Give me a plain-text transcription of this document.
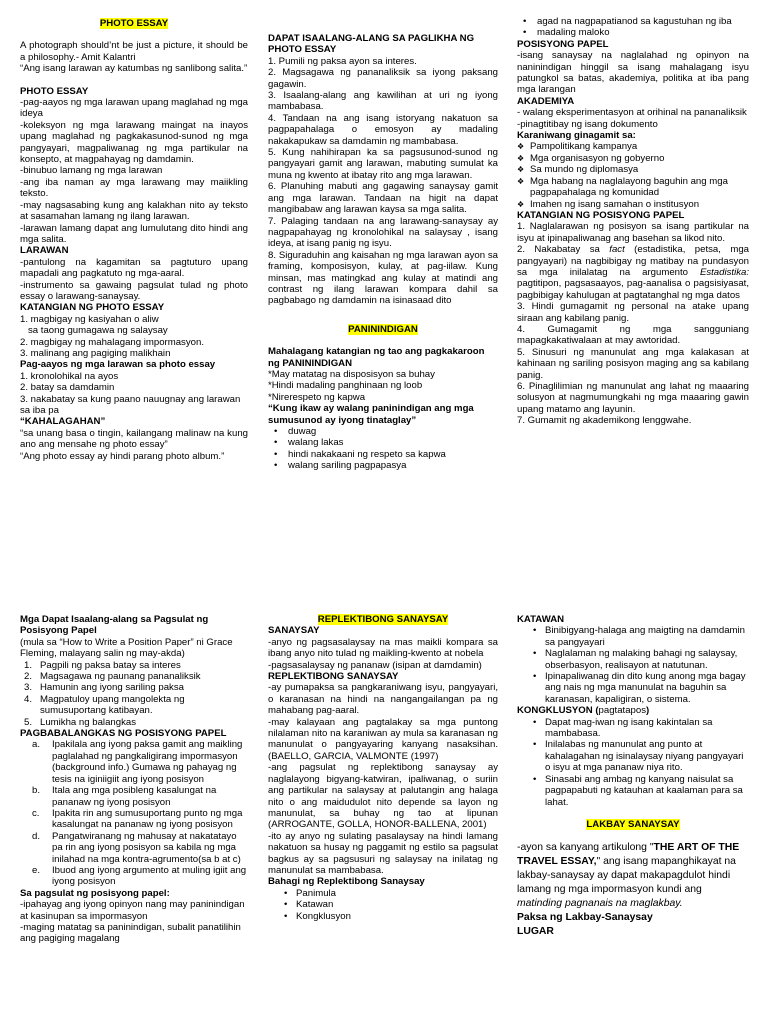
PHOTO ESSAY

A photograph should’nt be just a picture, it should be a philosophy.- Amit Kalantri

“Ang isang larawan ay katumbas ng sanlibong salita.”

PHOTO ESSAY

-pag-aayos ng mga larawan upang maglahad ng mga ideya

-koleksyon ng mga larawang maingat na inayos upang maglahad ng pagkakasunod-sunod ng mga pangyayari, magpaliwanag ng mga partikular na konsepto, at magpahayag ng damdamin.

-binubuo lamang ng mga larawan

-ang iba naman ay mga larawang may maiikling teksto.

-may nagsasabing kung ang kalakhan nito ay teksto at sasamahan lamang ng ilang larawan.

-larawan lamang dapat ang lumulutang dito hindi ang mga salita.

LARAWAN

-pantulong na kagamitan sa pagtuturo upang mapadali ang pagkatuto ng mga-aaral.

-instrumento sa gawaing pagsulat tulad ng photo essay o larawang-sanaysay.

KATANGIAN NG PHOTO ESSAY

1. magbigay ng kasiyahan o aliw

sa taong gumagawa ng salaysay

2. magbigay ng mahalagang impormasyon.

3. malinang ang pagiging malikhain

Pag-aayos ng mga larawan sa photo essay

1. kronolohikal na ayos

2. batay sa damdamin

3. nakabatay sa kung paano nauugnay ang larawan sa iba pa

“KAHALAGAHAN”

“sa unang basa o tingin, kailangang malinaw na kung ano ang mensahe ng photo essay”

“Ang photo essay ay hindi parang photo album.”

DAPAT ISAALANG-ALANG SA PAGLIKHA NG PHOTO ESSAY

1. Pumili ng paksa ayon sa interes.

2. Magsagawa ng pananaliksik sa iyong paksang gagawin.

3. Isaalang-alang ang kawilihan at uri ng iyong mambabasa.

4. Tandaan na ang isang istoryang nakatuon sa pagpapahalaga o emosyon ay madaling nakakapukaw sa damdamin ng mambabasa.

5. Kung nahihirapan ka sa pagsusunod-sunod ng pangyayari gamit ang larawan, mabuting sumulat ka muna ng kwento at ibatay rito ang mga larawan.

6. Planuhing mabuti ang gagawing sanaysay gamit ang mga larawan. Tandaan na higit na dapat mangibabaw ang larawan kaysa sa mga salita.

7. Palaging tandaan na ang larawang-sanaysay ay nagpapahayag ng kronolohikal na salaysay , isang ideya, at isang panig ng isyu.

8. Siguraduhin ang kaisahan ng mga larawan ayon sa framing, komposisyon, kulay, at pag-iilaw. Kung minsan, mas matingkad ang kulay at matindi ang contrast ng ilang larawan kompara dahil sa pagbabago ng damdamin na isinasaad dito

PANININDIGAN

Mahalagang katangian ng tao ang pagkakaroon ng PANININDIGAN

*May matatag na disposisyon sa buhay

*Hindi madaling panghinaan ng loob

*Nirerespeto ng kapwa

“Kung ikaw ay walang paninindigan ang mga sumusunod ay iyong tinataglay”

• duwag
• walang lakas
• hindi nakakaani ng respeto sa kapwa
• walang sariling pagpapasya
• agad na nagpapatianod sa kagustuhan ng iba
• madaling maloko

POSISYONG PAPEL

-isang sanaysay na naglalahad ng opinyon na naninindigan hinggil sa isang mahalagang isyu patungkol sa batas, akademiya, politika at iba pang mga larangan

AKADEMIYA

- walang eksperimentasyon at orihinal na pananaliksik

-pinagtitibay ng isang dokumento

Karaniwang ginagamit sa:

❖ Pampolitikang kampanya
❖ Mga organisasyon ng gobyerno
❖ Sa mundo ng diplomasya
❖ Mga habang na naglalayong baguhin ang mga pagpapahalaga ng komunidad
❖ Imahen ng isang samahan o institusyon

KATANGIAN NG POSISYONG PAPEL

1. Naglalarawan ng posisyon sa isang partikular na isyu at ipinapaliwanag ang basehan sa likod nito.

2. Nakabatay sa fact (estadistika, petsa, mga pangyayari) na nagbibigay ng matibay na pundasyon sa mga inilalatag na argumento Estadistika: pagtitipon, pagsasaayos, pag-aanalisa o pagsisiyasat, pagbibigay kahulugan at pagtatanghal ng mga datos

3. Hindi gumagamit ng personal na atake upang siraan ang kabilang panig.

4. Gumagamit ng mga sangguniang mapagkakatiwalaan at may awtoridad.

5. Sinusuri ng manunulat ang mga kalakasan at kahinaan ng sariling posisyon maging ang sa kabilang panig.

6. Pinaglilimian ng manunulat ang lahat ng maaaring solusyon at nagmumungkahi ng mga maaaring gawin upang matamo ang layunin.

7. Gumamit ng akademikong lenggwahe.

Mga Dapat Isaalang-alang sa Pagsulat ng Posisyong Papel

(mula sa “How to Write a Position Paper” ni Grace Fleming, malayang salin ng may-akda)

1. Pagpili ng paksa batay sa interes
2. Magsagawa ng paunang pananaliksik
3. Hamunin ang iyong sariling paksa
4. Magpatuloy upang mangolekta ng sumusuportang katibayan.
5. Lumikha ng balangkas

PAGBABALANGKAS NG POSISYONG PAPEL

a. Ipakilala ang iyong paksa gamit ang maikling paglalahad ng pangkaligirang impormasyon (background info.) Gumawa ng pahayag ng tesis na iginiigiit ang iyong posisyon
b. Itala ang mga posibleng kasalungat na pananaw ng iyong posisyon
c. Ipakita rin ang sumusuportang punto ng mga kasalungat na pananaw ng iyong posisyon
d. Pangatwiranang ng mahusay at nakatatayo pa rin ang iyong posisyon sa kabila ng mga inilahad na mga kontra-agrumento(sa b at c)
e. Ibuod ang iyong argumento at muling igiit ang iyong posisyon

Sa pagsulat ng posisyong papel:

-ipahayag ang iyong opinyon nang may paninindigan at kasinupan sa impormasyon

-maging matatag sa paninindigan, subalit panatilihin ang pagiging magalang

REPLEKTIBONG SANAYSAY

SANAYSAY

-anyo ng pagsasalaysay na mas maikli kompara sa ibang anyo nito tulad ng maikling-kwento at nobela

-pagsasalaysay ng pananaw (isipan at damdamin)

REPLEKTIBONG SANAYSAY

-ay pumapaksa sa pangkaraniwang isyu, pangyayari, o karanasan na hindi na nangangailangan pa ng mahabang pag-aaral.

-may kalayaan ang pagtalakay sa mga puntong nilalaman nito na karaniwan ay mula sa karanasan ng manunulat o pangyayaring kanyang nasaksihan. (BAELLO, GARCIA, VALMONTE (1997)

-ang pagsulat ng replektibong sanaysay ay naglalayong bigyang-katwiran, ipaliwanag, o suriin ang partikular na salaysay at palutangin ang halaga nito o ang maidudulot nito depende sa layon ng manunulat, sa buhay ng tao at lipunan (ARROGANTE, GOLLA, HONOR-BALLENA, 2001)

-ito ay anyo ng sulating pasalaysay na hindi lamang nakatuon sa husay ng paggamit ng estilo sa pagsulat bagkus ay sa pagsusuri ng salaysay na inilatag ng manunulat sa mambabasa.

Bahagi ng Replektibong Sanaysay

• Panimula
• Katawan
• Kongklusyon

KATAWAN

• Binibigyang-halaga ang maigting na damdamin sa pangyayari
• Naglalaman ng malaking bahagi ng salaysay, obserbasyon, realisayon at natutunan.
• Ipinapaliwanag din dito kung anong mga bagay ang nais ng mga manunulat na baguhin sa karanasan, kapaligiran, o sistema.

KONGKLUSYON (pagtatapos)

• Dapat mag-iwan ng isang kakintalan sa mambabasa.
• Inilalabas ng manunulat ang punto at kahalagahan ng isinalaysay niyang pangyayari o isyu at mga pananaw niya rito.
• Sinasabi ang ambag ng kanyang naisulat sa pagpapabuti ng katauhan at kaalaman para sa lahat.

LAKBAY SANAYSAY

-ayon sa kanyang artikulong "THE ART OF THE TRAVEL ESSAY," ang isang mapanghikayat na lakbay-sanaysay ay dapat makapagdulot hindi lamang ng mga impormasyon kundi ang matinding pagnanais na maglakbay.

Paksa ng Lakbay-Sanaysay

LUGAR
